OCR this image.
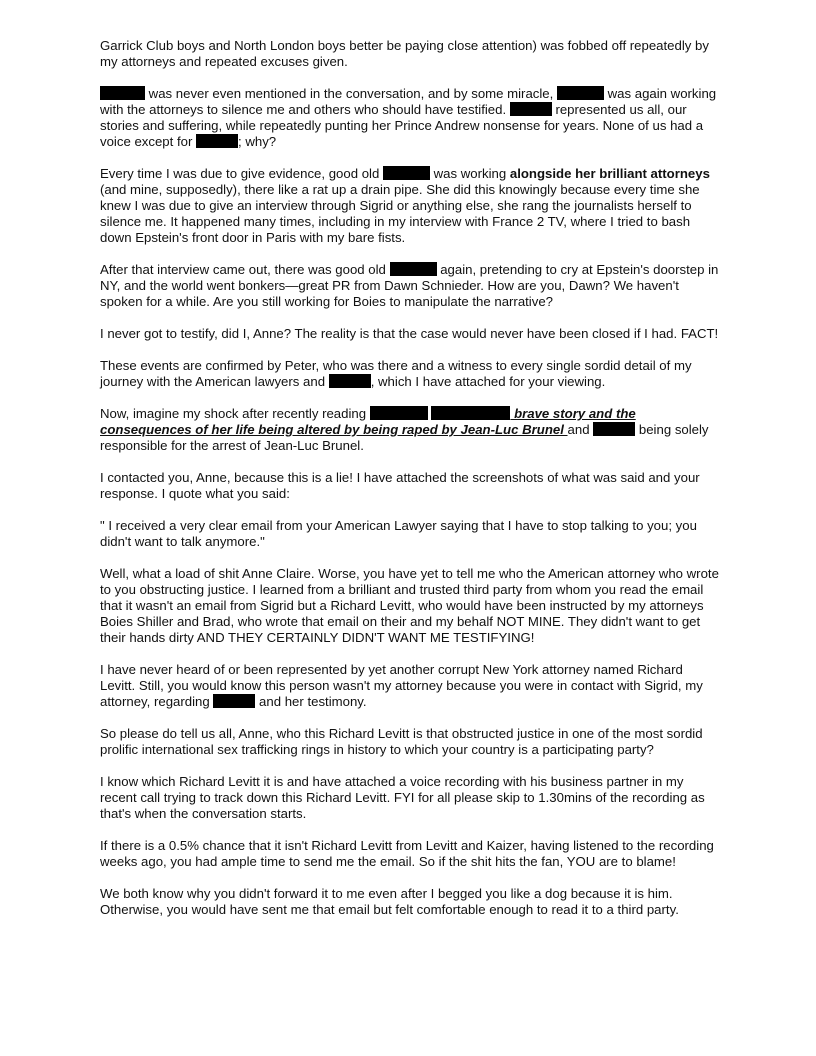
Garrick Club boys and North London boys better be paying close attention) was fobbed off repeatedly by my attorneys and repeated excuses given.

was never even mentioned in the conversation, and by some miracle,	was again working with the attorneys to silence me and others who should have testified.	represented us all, our stories and suffering, while repeatedly punting her Prince Andrew nonsense for years. None of us had a voice except for	; why?

Every time I was due to give evidence, good old	was working alongside her brilliant attorneys (and mine, supposedly), there like a rat up a drain pipe. She did this knowingly because every time she knew I was due to give an interview through Sigrid or anything else, she rang the journalists herself to silence me. It happened many times, including in my interview with France 2 TV, where I tried to bash down Epstein's front door in Paris with my bare fists.

After that interview came out, there was good old	again, pretending to cry at Epstein's doorstep in NY, and the world went bonkers—great PR from Dawn Schnieder. How are you, Dawn? We haven't spoken for a while. Are you still working for Boies to manipulate the narrative?

I never got to testify, did I, Anne? The reality is that the case would never have been closed if I had. FACT!

These events are confirmed by Peter, who was there and a witness to every single sordid detail of my journey with the American lawyers and	, which I have attached for your viewing.

Now, imagine my shock after recently reading	brave story and the consequences of her life being altered by being raped by Jean-Luc Brunel and	being solely responsible for the arrest of Jean-Luc Brunel.

I contacted you, Anne, because this is a lie! I have attached the screenshots of what was said and your response. I quote what you said:

" I received a very clear email from your American Lawyer saying that I have to stop talking to you; you didn't want to talk anymore."

Well, what a load of shit Anne Claire. Worse, you have yet to tell me who the American attorney who wrote to you obstructing justice. I learned from a brilliant and trusted third party from whom you read the email that it wasn't an email from Sigrid but a Richard Levitt, who would have been instructed by my attorneys Boies Shiller and Brad, who wrote that email on their and my behalf NOT MINE. They didn't want to get their hands dirty AND THEY CERTAINLY DIDN'T WANT ME TESTIFYING!

I have never heard of or been represented by yet another corrupt New York attorney named Richard Levitt. Still, you would know this person wasn't my attorney because you were in contact with Sigrid, my attorney, regarding	and her testimony.

So please do tell us all, Anne, who this Richard Levitt is that obstructed justice in one of the most sordid prolific international sex trafficking rings in history to which your country is a participating party?

I know which Richard Levitt it is and have attached a voice recording with his business partner in my recent call trying to track down this Richard Levitt. FYI for all please skip to 1.30mins of the recording as that's when the conversation starts.

If there is a 0.5% chance that it isn't Richard Levitt from Levitt and Kaizer, having listened to the recording weeks ago, you had ample time to send me the email. So if the shit hits the fan, YOU are to blame!

We both know why you didn't forward it to me even after I begged you like a dog because it is him. Otherwise, you would have sent me that email but felt comfortable enough to read it to a third party.
